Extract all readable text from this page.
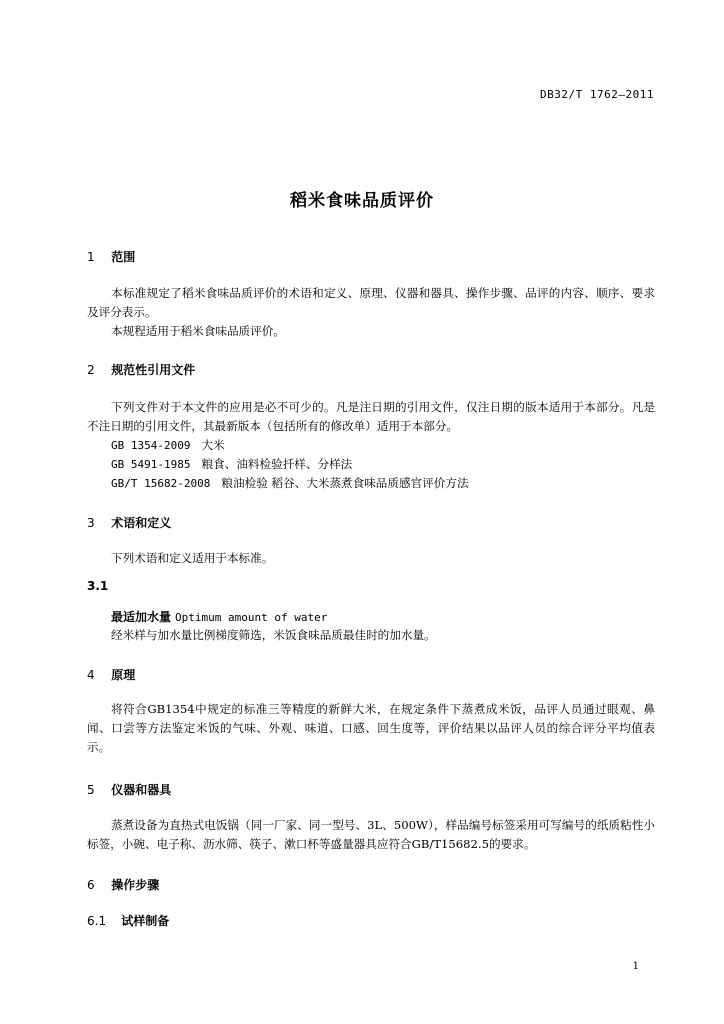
DB32/T 1762—2011
稻米食味品质评价
1 范围
本标准规定了稻米食味品质评价的术语和定义、原理、仪器和器具、操作步骤、品评的内容、顺序、要求及评分表示。
本规程适用于稻米食味品质评价。
2 规范性引用文件
下列文件对于本文件的应用是必不可少的。凡是注日期的引用文件，仅注日期的版本适用于本部分。凡是不注日期的引用文件，其最新版本（包括所有的修改单）适用于本部分。
GB 1354-2009 大米
GB 5491-1985 粮食、油料检验扦样、分样法
GB/T 15682-2008 粮油检验 稻谷、大米蒸煮食味品质感官评价方法
3 术语和定义
下列术语和定义适用于本标准。
3.1
最适加水量 Optimum amount of water
经米样与加水量比例梯度筛选，米饭食味品质最佳时的加水量。
4 原理
将符合GB1354中规定的标准三等精度的新鲜大米，在规定条件下蒸煮成米饭，品评人员通过眼观、鼻闻、口尝等方法鉴定米饭的气味、外观、味道、口感、回生度等，评价结果以品评人员的综合评分平均值表示。
5 仪器和器具
蒸煮设备为直热式电饭锅（同一厂家、同一型号、3L、500W），样品编号标签采用可写编号的纸质粘性小标签，小碗、电子称、沥水筛、筷子、漱口杯等盛量器具应符合GB/T15682.5的要求。
6 操作步骤
6.1 试样制备
1
